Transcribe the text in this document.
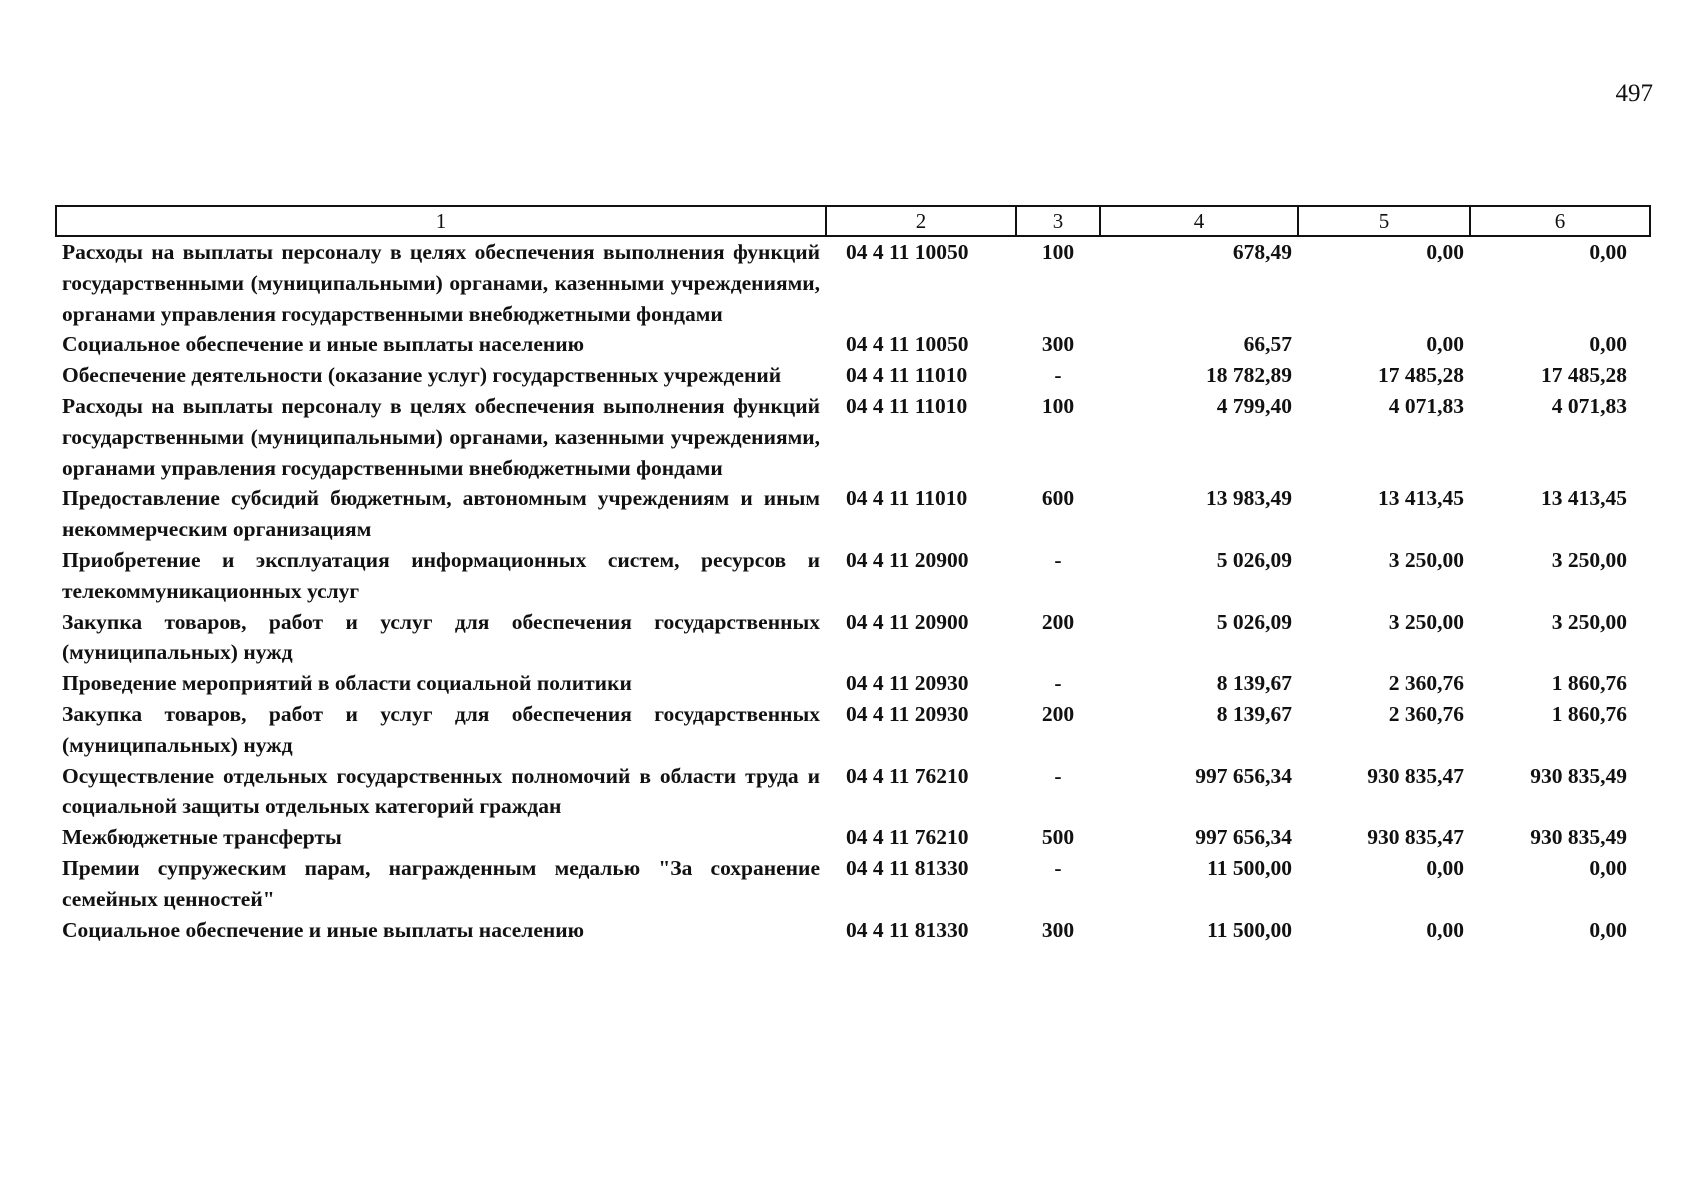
497
1	2	3	4	5	6
Расходы на выплаты персоналу в целях обеспечения выполнения функций государственными (муниципальными) органами, казенными учреждениями, органами управления государственными внебюджетными фондами	04 4 11 10050	100	678,49	0,00	0,00
Социальное обеспечение и иные выплаты населению	04 4 11 10050	300	66,57	0,00	0,00
Обеспечение деятельности (оказание услуг) государственных учреждений	04 4 11 11010	-	18 782,89	17 485,28	17 485,28
Расходы на выплаты персоналу в целях обеспечения выполнения функций государственными (муниципальными) органами, казенными учреждениями, органами управления государственными внебюджетными фондами	04 4 11 11010	100	4 799,40	4 071,83	4 071,83
Предоставление субсидий бюджетным, автономным учреждениям и иным некоммерческим организациям	04 4 11 11010	600	13 983,49	13 413,45	13 413,45
Приобретение и эксплуатация информационных систем, ресурсов и телекоммуникационных услуг	04 4 11 20900	-	5 026,09	3 250,00	3 250,00
Закупка товаров, работ и услуг для обеспечения государственных (муниципальных) нужд	04 4 11 20900	200	5 026,09	3 250,00	3 250,00
Проведение мероприятий в области социальной политики	04 4 11 20930	-	8 139,67	2 360,76	1 860,76
Закупка товаров, работ и услуг для обеспечения государственных (муниципальных) нужд	04 4 11 20930	200	8 139,67	2 360,76	1 860,76
Осуществление отдельных государственных полномочий в области труда и социальной защиты отдельных категорий граждан	04 4 11 76210	-	997 656,34	930 835,47	930 835,49
Межбюджетные трансферты	04 4 11 76210	500	997 656,34	930 835,47	930 835,49
Премии супружеским парам, награжденным медалью "За сохранение семейных ценностей"	04 4 11 81330	-	11 500,00	0,00	0,00
Социальное обеспечение и иные выплаты населению	04 4 11 81330	300	11 500,00	0,00	0,00
